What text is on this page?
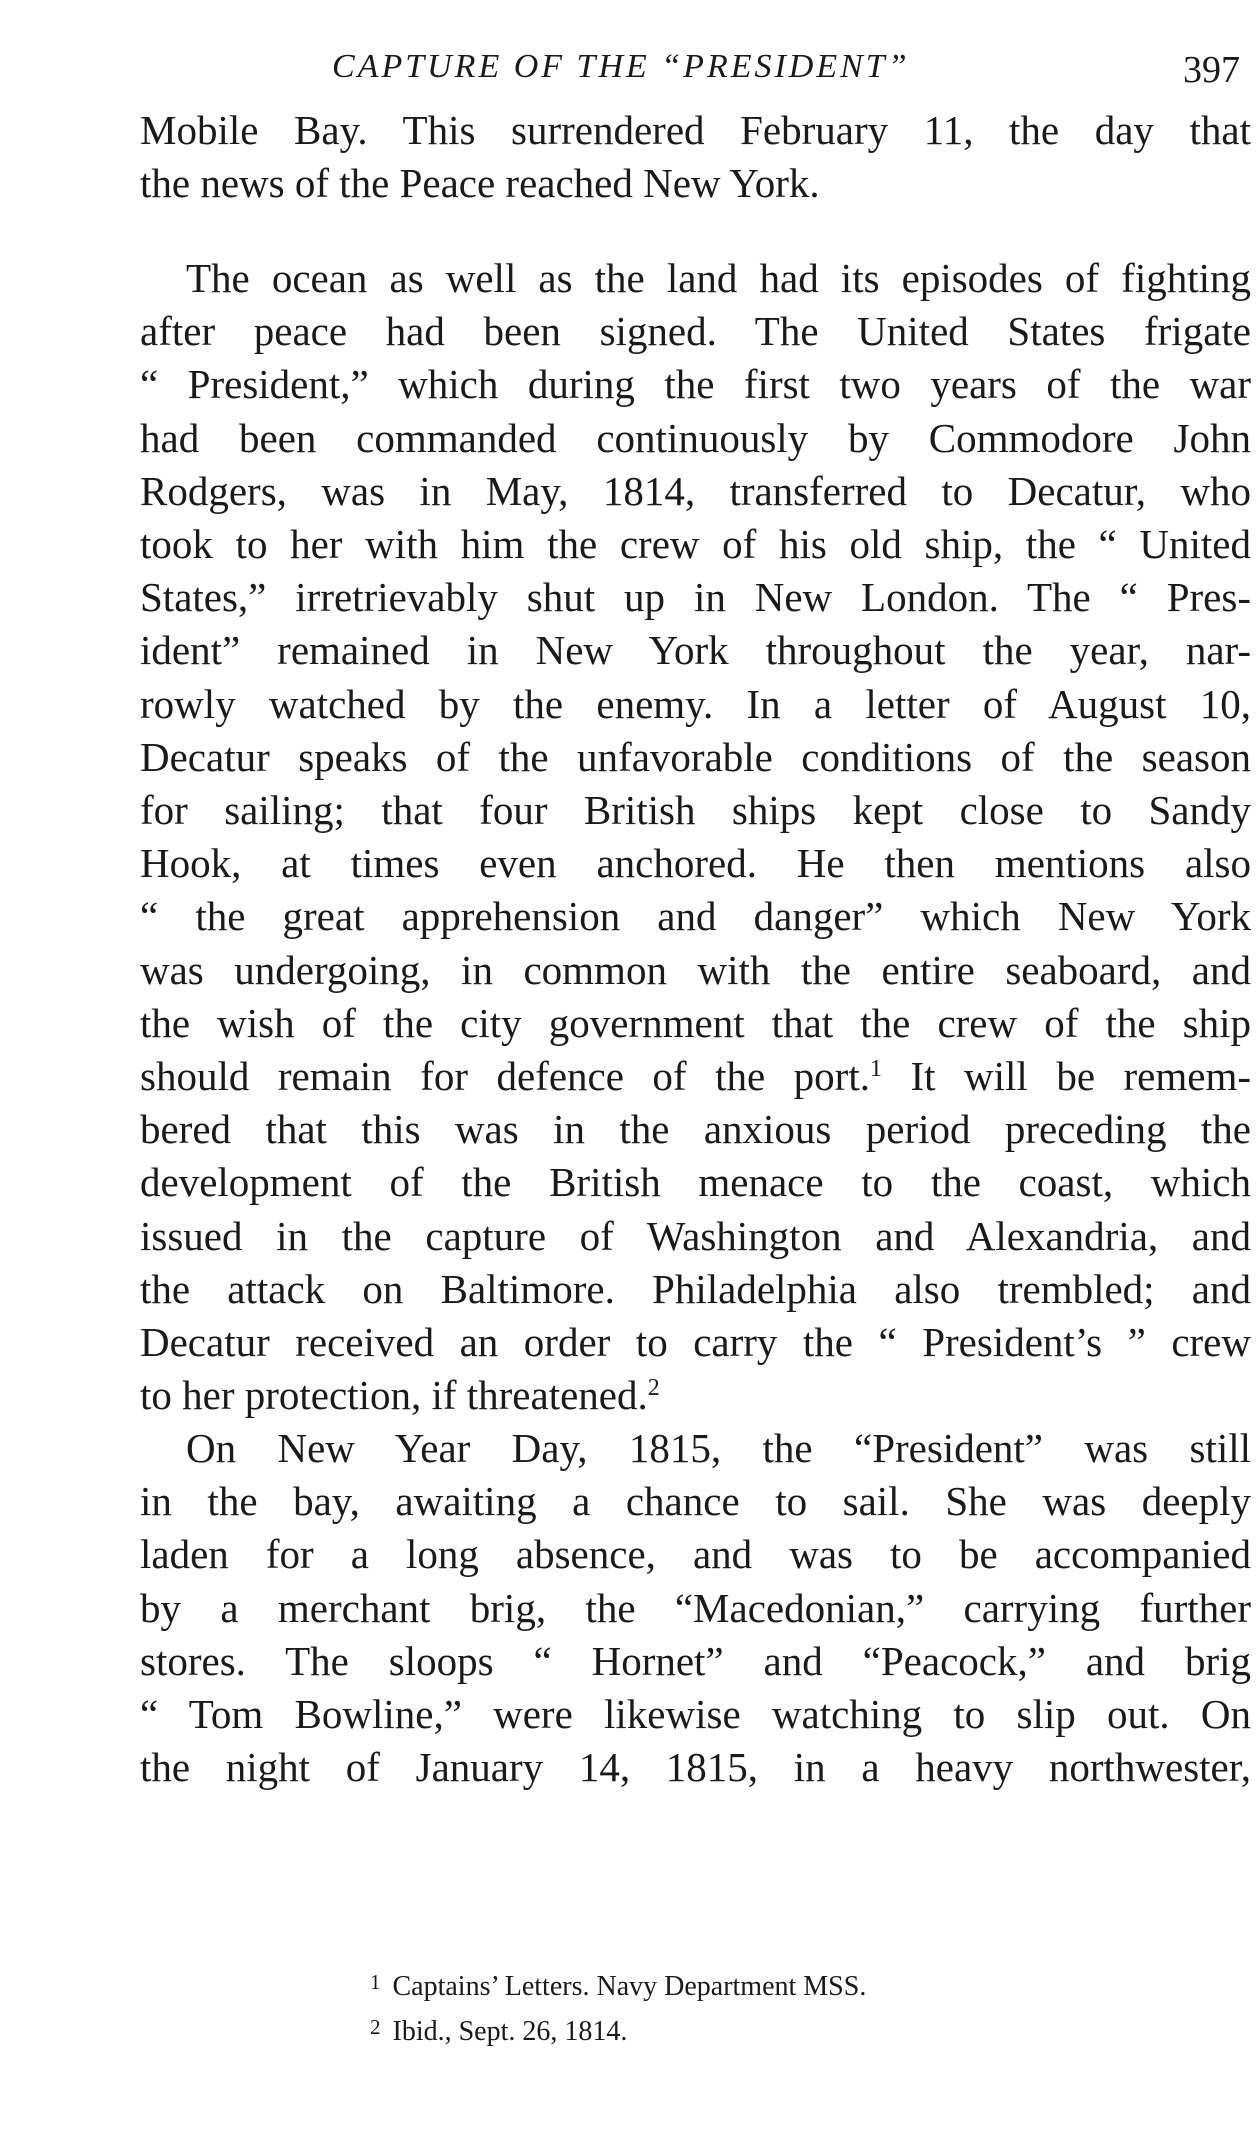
CAPTURE OF THE “PRESIDENT”	397
Mobile Bay. This surrendered February 11, the day that
the news of the Peace reached New York.
The ocean as well as the land had its episodes of fighting
after peace had been signed. The United States frigate
“ President,” which during the first two years of the war
had been commanded continuously by Commodore John
Rodgers, was in May, 1814, transferred to Decatur, who
took to her with him the crew of his old ship, the “ United
States,” irretrievably shut up in New London. The “ Pres-
ident” remained in New York throughout the year, nar-
rowly watched by the enemy. In a letter of August 10,
Decatur speaks of the unfavorable conditions of the season
for sailing; that four British ships kept close to Sandy
Hook, at times even anchored. He then mentions also
“ the great apprehension and danger” which New York
was undergoing, in common with the entire seaboard, and
the wish of the city government that the crew of the ship
should remain for defence of the port.$^1$ It will be remem-
bered that this was in the anxious period preceding the
development of the British menace to the coast, which
issued in the capture of Washington and Alexandria, and
the attack on Baltimore. Philadelphia also trembled; and
Decatur received an order to carry the “ President’s ” crew
to her protection, if threatened.$^2$
On New Year Day, 1815, the “President” was still
in the bay, awaiting a chance to sail. She was deeply
laden for a long absence, and was to be accompanied
by a merchant brig, the “Macedonian,” carrying further
stores. The sloops “ Hornet” and “Peacock,” and brig
“ Tom Bowline,” were likewise watching to slip out. On
the night of January 14, 1815, in a heavy northwester,
$^1$ Captains’ Letters. Navy Department MSS.
$^2$ Ibid., Sept. 26, 1814.
